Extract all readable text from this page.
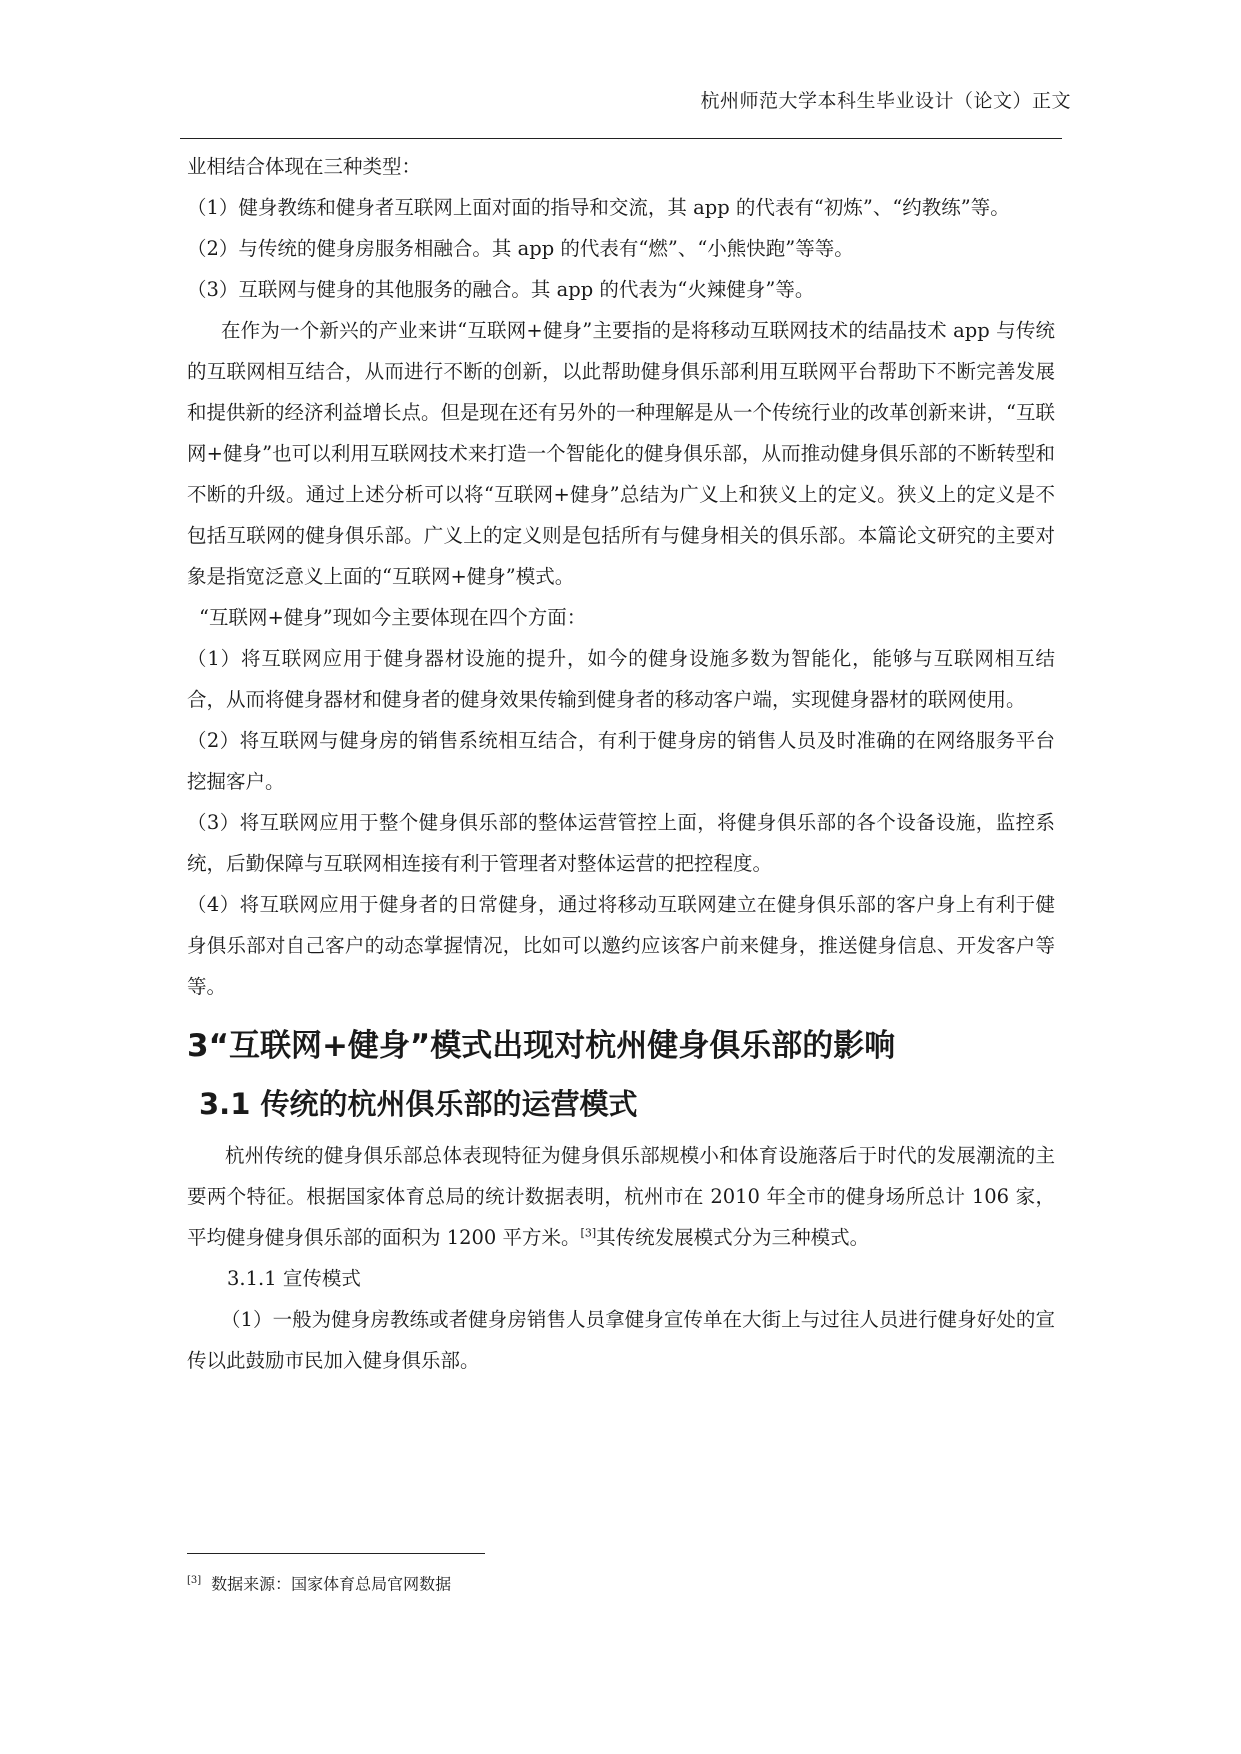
杭州师范大学本科生毕业设计（论文）正文

业相结合体现在三种类型：

（1）健身教练和健身者互联网上面对面的指导和交流，其 app 的代表有“初炼”、“约教练”等。

（2）与传统的健身房服务相融合。其 app 的代表有“燃”、“小熊快跑”等等。

（3）互联网与健身的其他服务的融合。其 app 的代表为“火辣健身”等。

在作为一个新兴的产业来讲“互联网+健身”主要指的是将移动互联网技术的结晶技术 app 与传统的互联网相互结合，从而进行不断的创新，以此帮助健身俱乐部利用互联网平台帮助下不断完善发展和提供新的经济利益增长点。但是现在还有另外的一种理解是从一个传统行业的改革创新来讲，“互联网+健身”也可以利用互联网技术来打造一个智能化的健身俱乐部，从而推动健身俱乐部的不断转型和不断的升级。通过上述分析可以将“互联网+健身”总结为广义上和狭义上的定义。狭义上的定义是不包括互联网的健身俱乐部。广义上的定义则是包括所有与健身相关的俱乐部。本篇论文研究的主要对象是指宽泛意义上面的“互联网+健身”模式。

“互联网+健身”现如今主要体现在四个方面：

（1）将互联网应用于健身器材设施的提升，如今的健身设施多数为智能化，能够与互联网相互结合，从而将健身器材和健身者的健身效果传输到健身者的移动客户端，实现健身器材的联网使用。

（2）将互联网与健身房的销售系统相互结合，有利于健身房的销售人员及时准确的在网络服务平台挖掘客户。

（3）将互联网应用于整个健身俱乐部的整体运营管控上面，将健身俱乐部的各个设备设施，监控系统，后勤保障与互联网相连接有利于管理者对整体运营的把控程度。

（4）将互联网应用于健身者的日常健身，通过将移动互联网建立在健身俱乐部的客户身上有利于健身俱乐部对自己客户的动态掌握情况，比如可以邀约应该客户前来健身，推送健身信息、开发客户等等。

3“互联网+健身”模式出现对杭州健身俱乐部的影响
3.1 传统的杭州俱乐部的运营模式

杭州传统的健身俱乐部总体表现特征为健身俱乐部规模小和体育设施落后于时代的发展潮流的主要两个特征。根据国家体育总局的统计数据表明，杭州市在 2010 年全市的健身场所总计 106 家，平均健身健身俱乐部的面积为 1200 平方米。[3]其传统发展模式分为三种模式。

3.1.1 宣传模式

（1）一般为健身房教练或者健身房销售人员拿健身宣传单在大街上与过往人员进行健身好处的宣传以此鼓励市民加入健身俱乐部。

[3] 数据来源：国家体育总局官网数据
